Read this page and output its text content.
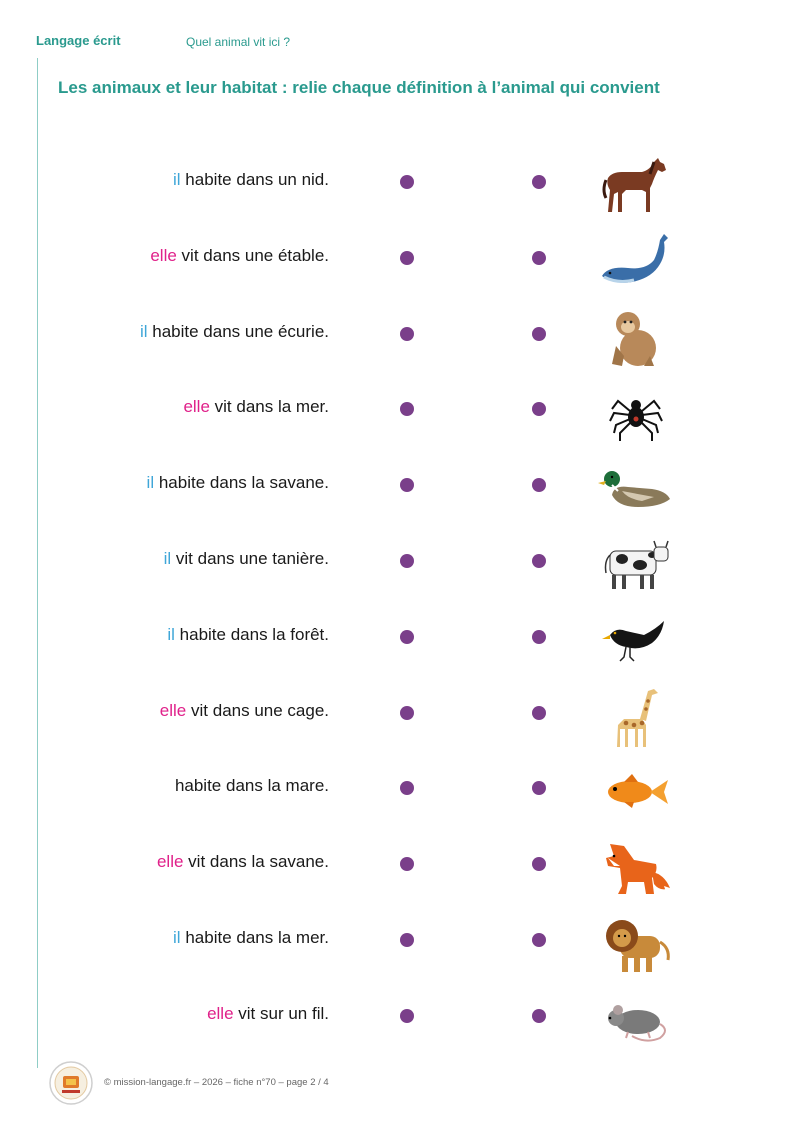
Langage écrit	Quel animal vit ici ?
Les animaux et leur habitat : relie chaque définition à l’animal qui convient
il habite dans un nid.
elle vit dans une étable.
il habite dans une écurie.
elle vit dans la mer.
il habite dans la savane.
il vit dans une tanière.
il habite dans la forêt.
elle vit dans une cage.
habite dans la mare.
elle vit dans la savane.
il habite dans la mer.
elle vit sur un fil.
© mission-langage.fr – 2026 – fiche n°70 – page 2 / 4
